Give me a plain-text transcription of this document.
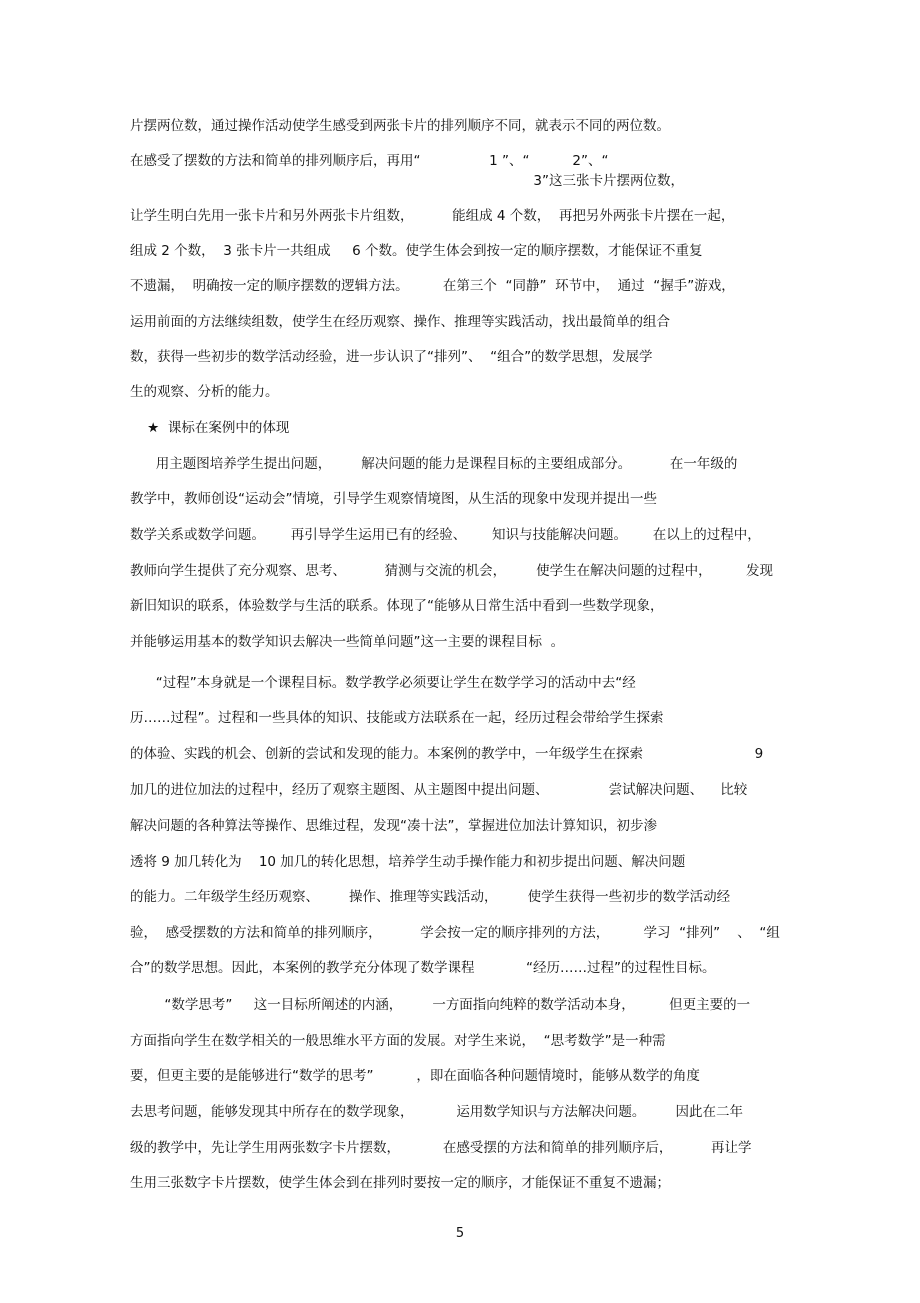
片摆两位数，通过操作活动使学生感受到两张卡片的排列顺序不同，就表示不同的两位数。
在感受了摆数的方法和简单的排列顺序后，再用“                1 ”、“          2”、“
3”这三张卡片摆两位数，
让学生明白先用一张卡片和另外两张卡片组数，         能组成 4 个数，  再把另外两张卡片摆在一起，
组成 2 个数，  3 张卡片一共组成     6 个数。使学生体会到按一定的顺序摆数，才能保证不重复
不遗漏，  明确按一定的顺序摆数的逻辑方法。        在第三个  “同静”  环节中，  通过  “握手”游戏，
运用前面的方法继续组数，使学生在经历观察、操作、推理等实践活动，找出最简单的组合
数，获得一些初步的数学活动经验，进一步认识了“排列”、  “组合”的数学思想，发展学
生的观察、分析的能力。
★  课标在案例中的体现
用主题图培养学生提出问题，       解决问题的能力是课程目标的主要组成部分。         在一年级的
教学中，教师创设“运动会”情境，引导学生观察情境图，从生活的现象中发现并提出一些
数学关系或数学问题。      再引导学生运用已有的经验、      知识与技能解决问题。      在以上的过程中，
教师向学生提供了充分观察、思考、         猜测与交流的机会，       使学生在解决问题的过程中，        发现
新旧知识的联系，体验数学与生活的联系。体现了“能够从日常生活中看到一些数学现象，
并能够运用基本的数学知识去解决一些简单问题”这一主要的课程目标  。
“过程”本身就是一个课程目标。数学教学必须要让学生在数学学习的活动中去“经
历……过程”。过程和一些具体的知识、技能或方法联系在一起，经历过程会带给学生探索
的体验、实践的机会、创新的尝试和发现的能力。本案例的教学中，一年级学生在探索                          9
加几的进位加法的过程中，经历了观察主题图、从主题图中提出问题、              尝试解决问题、    比较
解决问题的各种算法等操作、思维过程，发现“凑十法”，掌握进位加法计算知识，初步渗
透将 9 加几转化为    10 加几的转化思想，培养学生动手操作能力和初步提出问题、解决问题
的能力。二年级学生经历观察、       操作、推理等实践活动，       使学生获得一些初步的数学活动经
验，  感受摆数的方法和简单的排列顺序，         学会按一定的顺序排列的方法，        学习  “排列”    、  “组
合”的数学思想。因此，本案例的教学充分体现了数学课程            “经历……过程”的过程性目标。
“数学思考”     这一目标所阐述的内涵，       一方面指向纯粹的数学活动本身，        但更主要的一
方面指向学生在数学相关的一般思维水平方面的发展。对学生来说，  “思考数学”是一种需
要，但更主要的是能够进行“数学的思考”          ，即在面临各种问题情境时，能够从数学的角度
去思考问题，能够发现其中所存在的数学现象，          运用数学知识与方法解决问题。       因此在二年
级的教学中，先让学生用两张数字卡片摆数，          在感受摆的方法和简单的排列顺序后，         再让学
生用三张数字卡片摆数，使学生体会到在排列时要按一定的顺序，才能保证不重复不遗漏；
5
